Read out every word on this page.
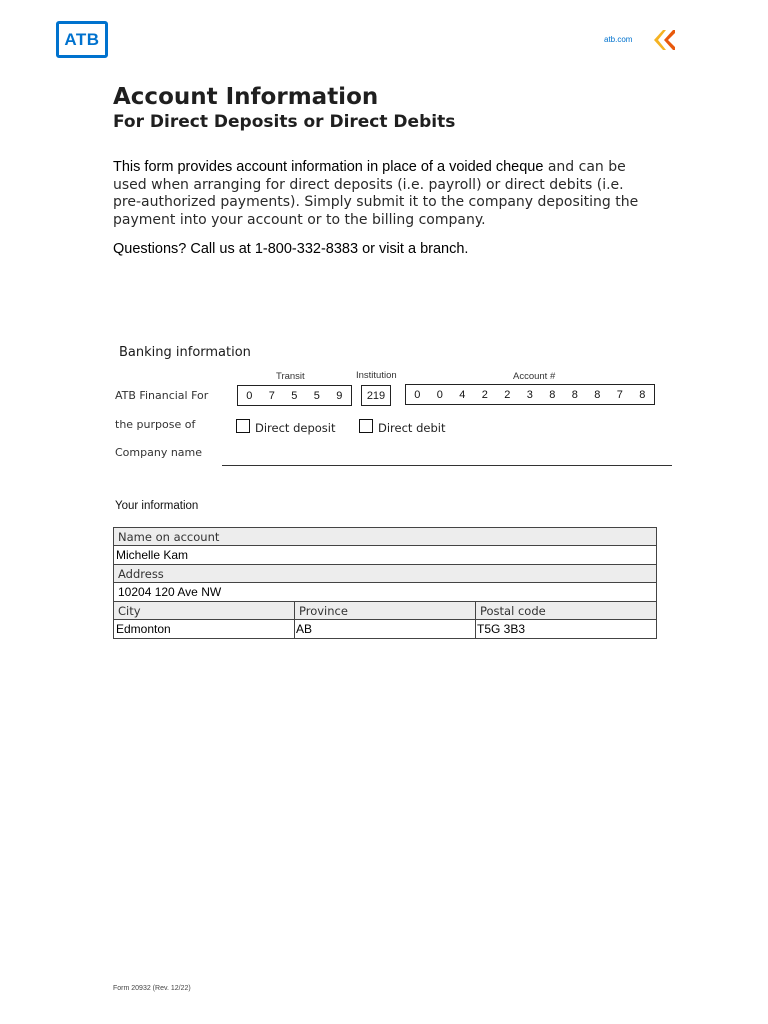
ATB	atb.com
Account Information
For Direct Deposits or Direct Debits
This form provides account information in place of a voided cheque and can be used when arranging for direct deposits (i.e. payroll) or direct debits (i.e. pre-authorized payments). Simply submit it to the company depositing the payment into your account or to the billing company.
Questions? Call us at 1-800-332-8383 or visit a branch.
Banking information
Transit	Institution	Account #
ATB Financial For	0	7	5	5	9	219	0	0	4	2	2	3	8	8	8	7	8
the purpose of	Direct deposit	Direct debit
Company name
Your information
Name on account		
Michelle Kam		
Address		
10204 120 Ave NW		
City	Province	Postal code
Edmonton	AB	T5G 3B3
Form 20932 (Rev. 12/22)
